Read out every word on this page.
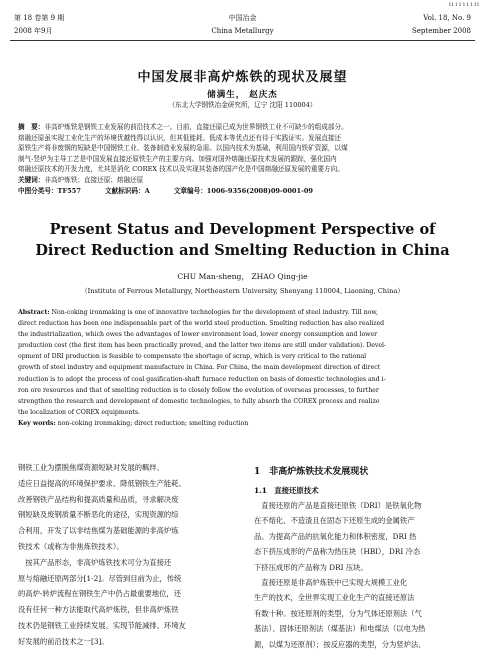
第 18 卷第 9 期
2008 年9月
中国冶金
China Metallurgy
Vol. 18, No. 9
September 2008
11 1 1 1 1 1 11
中国发展非高炉炼铁的现状及展望
储满生， 赵庆杰
（东北大学钢铁冶金研究所，辽宁 沈阳 110004）
摘　要：非高炉炼铁是钢铁工业发展的前沿技术之一。目前，直接还原已成为世界钢铁工业不可缺少的组成部分。
熔融还原虽实现工业化生产的环境优越性得以认识，但其低能耗、低成本等优点还有待于实践证实。发展直接还
原铁生产将非废钢的短缺是中国钢铁工业、装备制造业发展的急需。以国内技术为基础，利用国内铁矿资源，以煤
制气-竖炉为主导工艺是中国发展直接还原铁生产的主要方向。加强对国外熔融还原技术发展的跟踪，强化国内
熔融还原技术的开发力度，尤其是消化 COREX 技术以及实现其装备的国产化是中国熔融还原发展的重要方向。
关键词：非高炉炼铁；直接还原；熔融还原
中图分类号：TF557	文献标识码：A	文章编号：1006-9356(2008)09-0001-09
Present Status and Development Perspective of
Direct Reduction and Smelting Reduction in China
CHU Man-sheng， ZHAO Qing-jie
（Institute of Ferrous Metallurgy, Northeastern University, Shenyang 110004, Liaoning, China）
Abstract: Non-coking ironmaking is one of innovative technologies for the development of steel industry. Till now,
direct reduction has been one indispensable part of the world steel production. Smelting reduction has also realized
the industrialization, which owes the advantages of lower environment load, lower energy consumption and lower
production cost (the first item has been practically proved, and the latter two items are still under validation). Devel-
opment of DRI production is feasible to compensate the shortage of scrap, which is very critical to the rational
growth of steel industry and equipment manufacture in China. For China, the main development direction of direct
reduction is to adopt the process of coal gasification-shaft furnace reduction on basis of domestic technologies and i-
ron ore resources and that of smelting reduction is to closely follow the evolution of overseas processes, to further
strengthen the research and development of domestic technologies, to fully absorb the COREX process and realize
the localization of COREX equipments.
Key words: non-coking ironmaking; direct reduction; smelting reduction
钢铁工业为摆脱焦煤资源短缺对发展的羁绊、
适应日益提高的环境保护要求、降低钢铁生产能耗、
改善钢铁产品结构和提高质量和品质，寻求解决废
钢短缺及废钢质量不断恶化的途径，实现资源的综
合利用，开发了以非结焦煤为基础能源的非高炉炼
铁技术（或称为非焦炼铁技术）。
　按其产品形态，非高炉炼铁技术可分为直接还
原与熔融还原两部分[1-2]。尽管到目前为止，传统
的高炉-转炉流程在钢铁生产中仍占最重要地位，还
没有任何一种方法能取代高炉炼铁，但非高炉炼铁
技术仍是钢铁工业持续发展、实现节能减排、环境友
好发展的前沿技术之一[3]。
1　非高炉炼铁技术发展现状
1.1　直接还原技术
　直接还原的产品是直接还原铁（DRI）是铁氧化物
在不熔化、不造渣且在固态下还原生成的金属铁产
品。为提高产品的抗氧化能力和体积密度，DRI 热
态下挤压成形的产品称为热压块（HBI），DRI 冷态
下挤压成形的产品称为 DRI 压块。
　直接还原是非高炉炼铁中已实现大规模工业化
生产的技术，全世界实现工业化生产的直接还原法
有数十种。按还原剂的类型，分为气体还原剂法（气
基法）、固体还原剂法（煤基法）和电煤法（以电为热
源，以煤为还原剂）；按反应器的类型，分为竖炉法、
